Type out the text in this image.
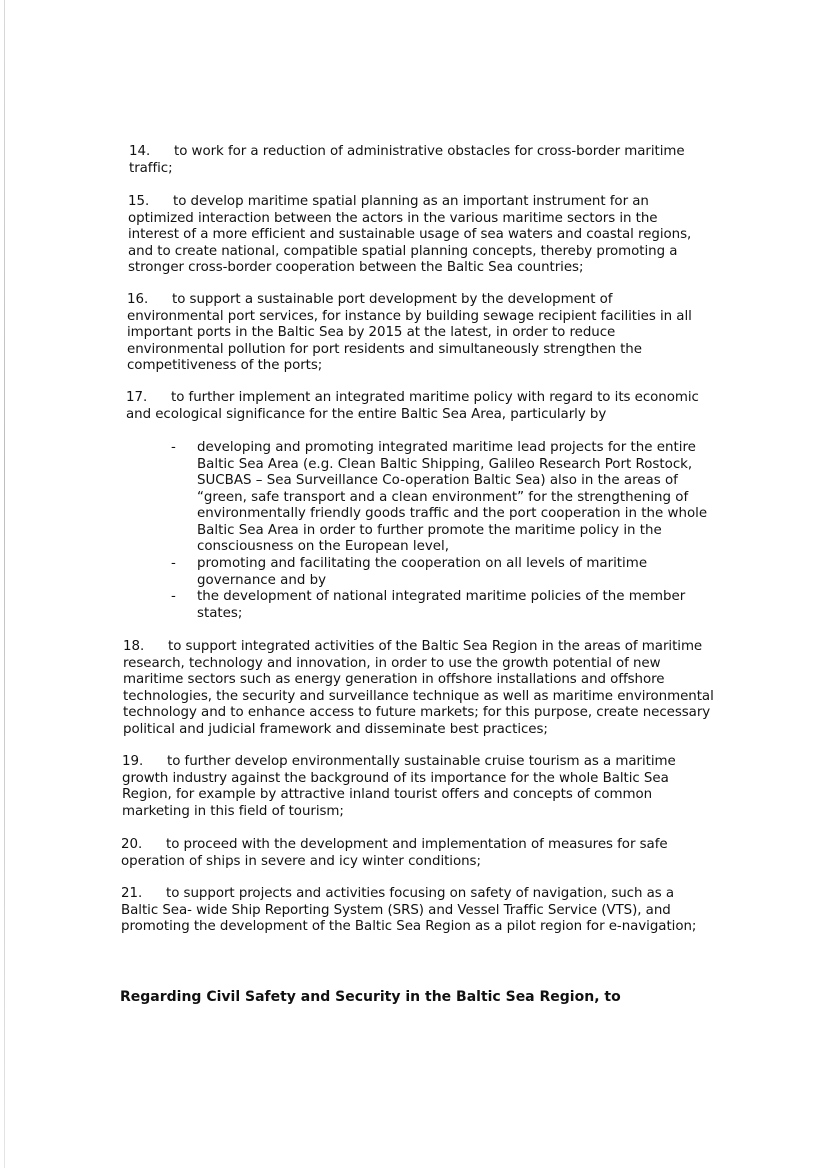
14. to work for a reduction of administrative obstacles for cross-border maritime traffic;
15. to develop maritime spatial planning as an important instrument for an optimized interaction between the actors in the various maritime sectors in the interest of a more efficient and sustainable usage of sea waters and coastal regions, and to create national, compatible spatial planning concepts, thereby promoting a stronger cross-border cooperation between the Baltic Sea countries;
16. to support a sustainable port development by the development of environmental port services, for instance by building sewage recipient facilities in all important ports in the Baltic Sea by 2015 at the latest, in order to reduce environmental pollution for port residents and simultaneously strengthen the competitiveness of the ports;
17. to further implement an integrated maritime policy with regard to its economic and ecological significance for the entire Baltic Sea Area, particularly by
- developing and promoting integrated maritime lead projects for the entire Baltic Sea Area (e.g. Clean Baltic Shipping, Galileo Research Port Rostock, SUCBAS – Sea Surveillance Co-operation Baltic Sea) also in the areas of “green, safe transport and a clean environment” for the strengthening of environmentally friendly goods traffic and the port cooperation in the whole Baltic Sea Area in order to further promote the maritime policy in the consciousness on the European level,
- promoting and facilitating the cooperation on all levels of maritime governance and by
- the development of national integrated maritime policies of the member states;
18. to support integrated activities of the Baltic Sea Region in the areas of maritime research, technology and innovation, in order to use the growth potential of new maritime sectors such as energy generation in offshore installations and offshore technologies, the security and surveillance technique as well as maritime environmental technology and to enhance access to future markets; for this purpose, create necessary political and judicial framework and disseminate best practices;
19. to further develop environmentally sustainable cruise tourism as a maritime growth industry against the background of its importance for the whole Baltic Sea Region, for example by attractive inland tourist offers and concepts of common marketing in this field of tourism;
20. to proceed with the development and implementation of measures for safe operation of ships in severe and icy winter conditions;
21. to support projects and activities focusing on safety of navigation, such as a Baltic Sea- wide Ship Reporting System (SRS) and Vessel Traffic Service (VTS), and promoting the development of the Baltic Sea Region as a pilot region for e-navigation;
Regarding Civil Safety and Security in the Baltic Sea Region, to
